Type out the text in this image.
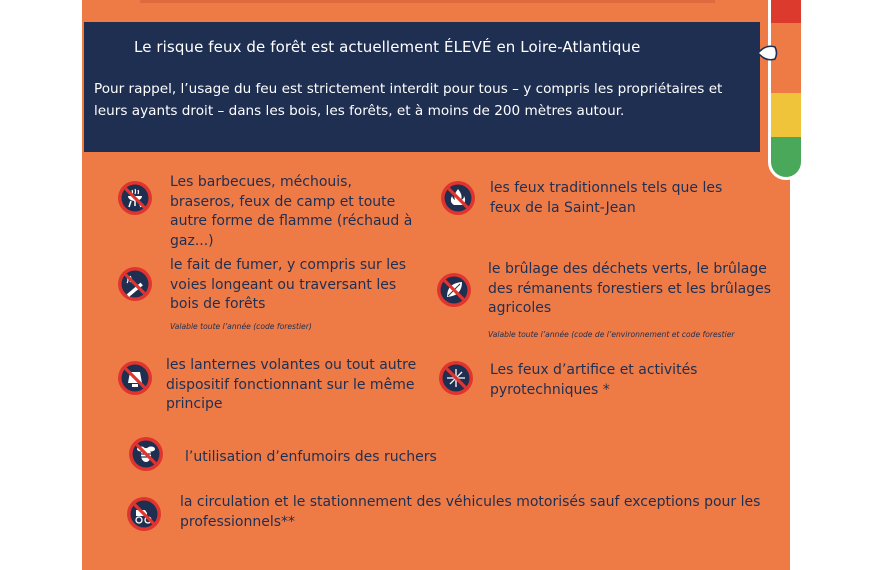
Le risque feux de forêt est actuellement ÉLEVÉ en Loire-Atlantique
Pour rappel, l’usage du feu est strictement interdit pour tous – y compris les propriétaires et leurs ayants droit – dans les bois, les forêts, et à moins de 200 mètres autour.
Les barbecues, méchouis, braseros, feux de camp et toute autre forme de flamme (réchaud à gaz...)
les feux traditionnels tels que les feux de la Saint-Jean
le fait de fumer, y compris sur les voies longeant ou traversant les bois de forêts
Valable toute l’année (code forestier)
le brûlage des déchets verts, le brûlage des rémanents forestiers et les brûlages agricoles
Valable toute l’année (code de l’environnement et code forestier
les lanternes volantes ou tout autre dispositif fonctionnant sur le même principe
Les feux d’artifice et activités pyrotechniques *
l’utilisation d’enfumoirs des ruchers
la circulation et le stationnement des véhicules motorisés sauf exceptions pour les professionnels**
